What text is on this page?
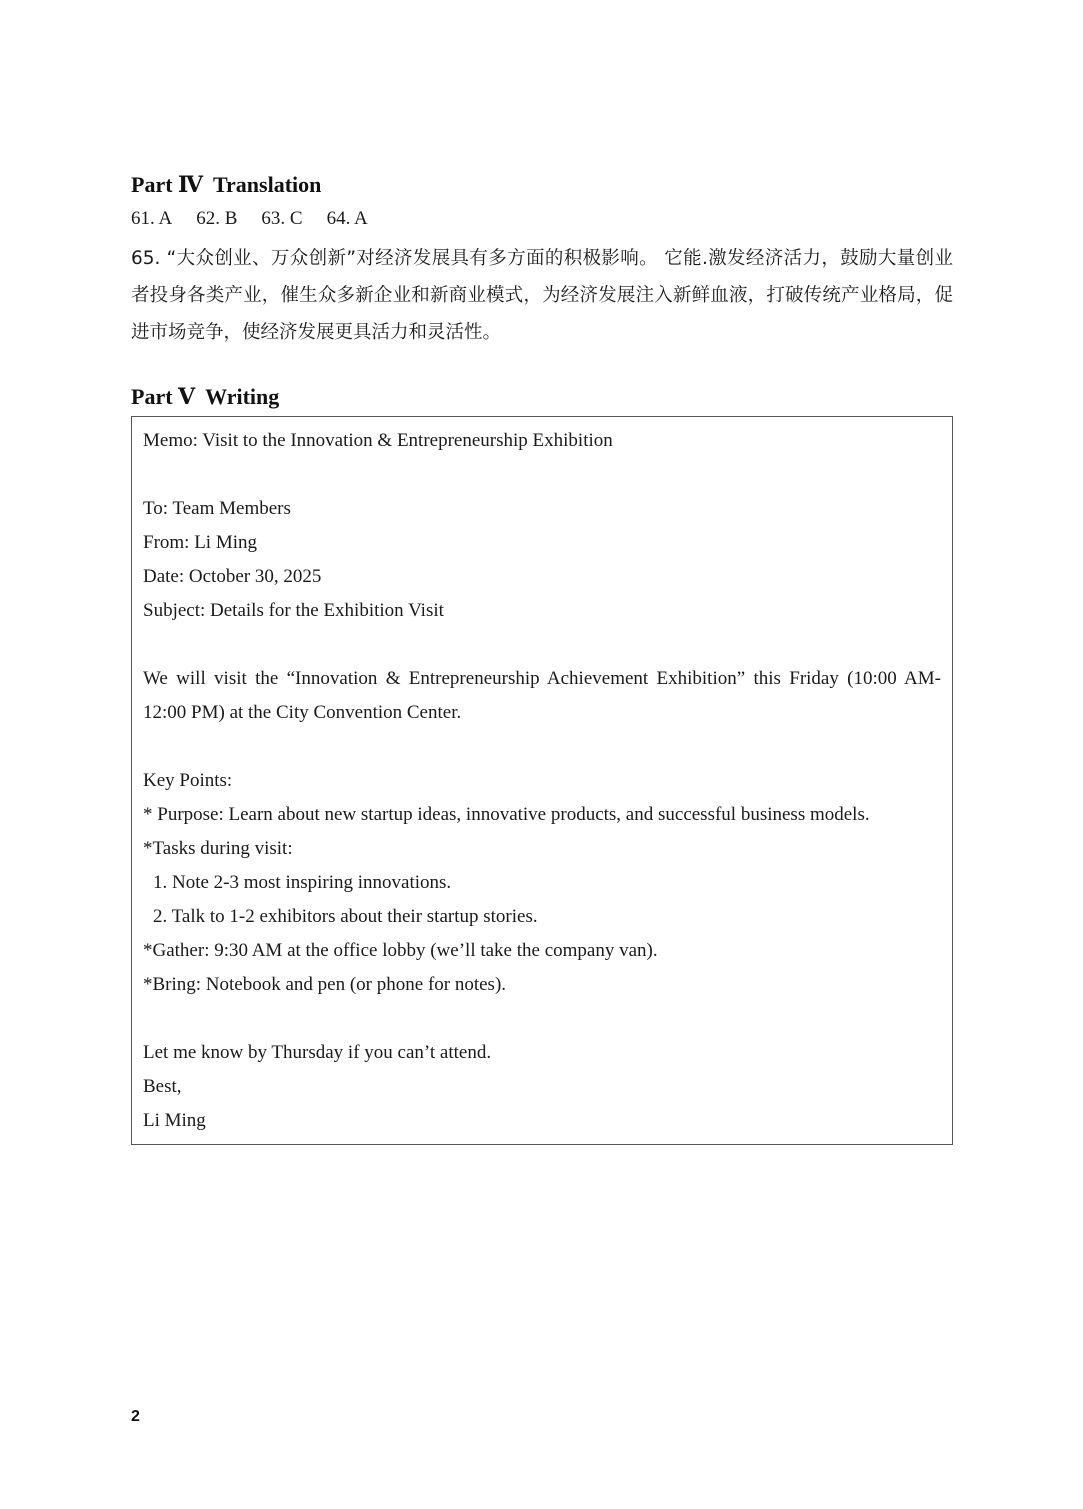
Part Ⅳ Translation

61. A 62. B 63. C 64. A

65. “大众创业、万众创新”对经济发展具有多方面的积极影响。 它能.激发经济活力，鼓励大量创业者投身各类产业，催生众多新企业和新商业模式，为经济发展注入新鲜血液，打破传统产业格局，促进市场竞争，使经济发展更具活力和灵活性。

Part Ⅴ Writing

Memo: Visit to the Innovation & Entrepreneurship Exhibition

To: Team Members

From: Li Ming

Date: October 30, 2025

Subject: Details for the Exhibition Visit

We will visit the “Innovation & Entrepreneurship Achievement Exhibition” this Friday (10:00 AM-12:00 PM) at the City Convention Center.

Key Points:

* Purpose: Learn about new startup ideas, innovative products, and successful business models.

*Tasks during visit:

1. Note 2-3 most inspiring innovations.

2. Talk to 1-2 exhibitors about their startup stories.

*Gather: 9:30 AM at the office lobby (we’ll take the company van).

*Bring: Notebook and pen (or phone for notes).

Let me know by Thursday if you can’t attend.

Best,

Li Ming

2
